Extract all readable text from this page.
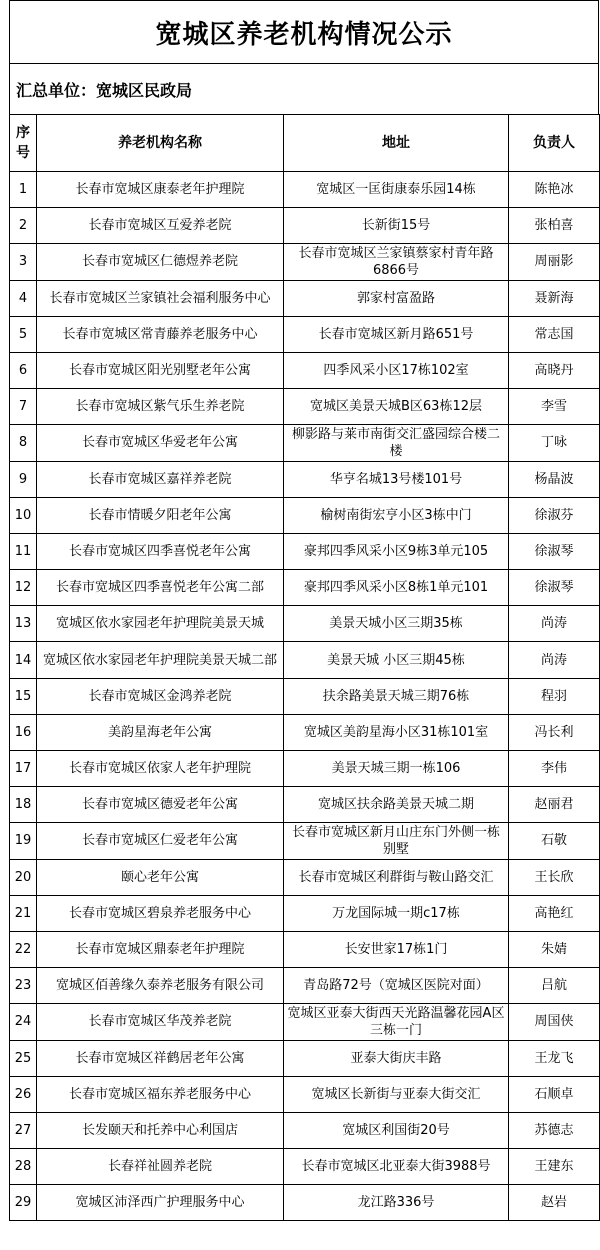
宽城区养老机构情况公示
汇总单位：宽城区民政局
序号	养老机构名称	地址	负责人
1	长春市宽城区康泰老年护理院	宽城区一匡街康泰乐园14栋	陈艳冰
2	长春市宽城区互爱养老院	长新街15号	张柏喜
3	长春市宽城区仁德煜养老院	长春市宽城区兰家镇蔡家村青年路6866号	周丽影
4	长春市宽城区兰家镇社会福利服务中心	郭家村富盈路	聂新海
5	长春市宽城区常青藤养老服务中心	长春市宽城区新月路651号	常志国
6	长春市宽城区阳光别墅老年公寓	四季风采小区17栋102室	高晓丹
7	长春市宽城区紫气乐生养老院	宽城区美景天城B区63栋12层	李雪
8	长春市宽城区华爱老年公寓	柳影路与莱市南街交汇盛园综合楼二楼	丁咏
9	长春市宽城区嘉祥养老院	华亨名城13号楼101号	杨晶波
10	长春市情暖夕阳老年公寓	榆树南街宏亨小区3栋中门	徐淑芬
11	长春市宽城区四季喜悦老年公寓	豪邦四季风采小区9栋3单元105	徐淑琴
12	长春市宽城区四季喜悦老年公寓二部	豪邦四季风采小区8栋1单元101	徐淑琴
13	宽城区依水家园老年护理院美景天城	美景天城小区三期35栋	尚涛
14	宽城区依水家园老年护理院美景天城二部	美景天城 小区三期45栋	尚涛
15	长春市宽城区金鸿养老院	扶余路美景天城三期76栋	程羽
16	美韵星海老年公寓	宽城区美韵星海小区31栋101室	冯长利
17	长春市宽城区依家人老年护理院	美景天城三期一栋106	李伟
18	长春市宽城区德爱老年公寓	宽城区扶余路美景天城二期	赵丽君
19	长春市宽城区仁爱老年公寓	长春市宽城区新月山庄东门外侧一栋别墅	石敬
20	颐心老年公寓	长春市宽城区利群街与鞍山路交汇	王长欣
21	长春市宽城区碧泉养老服务中心	万龙国际城一期c17栋	高艳红
22	长春市宽城区鼎泰老年护理院	长安世家17栋1门	朱婧
23	宽城区佰善缘久泰养老服务有限公司	青岛路72号（宽城区医院对面）	吕航
24	长春市宽城区华茂养老院	宽城区亚泰大街西天光路温馨花园A区三栋一门	周国侠
25	长春市宽城区祥鹤居老年公寓	亚泰大街庆丰路	王龙飞
26	长春市宽城区福东养老服务中心	宽城区长新街与亚泰大街交汇	石顺卓
27	长发颐天和托养中心利国店	宽城区利国街20号	苏德志
28	长春祥祉圆养老院	长春市宽城区北亚泰大街3988号	王建东
29	宽城区沛泽西广护理服务中心	龙江路336号	赵岩
